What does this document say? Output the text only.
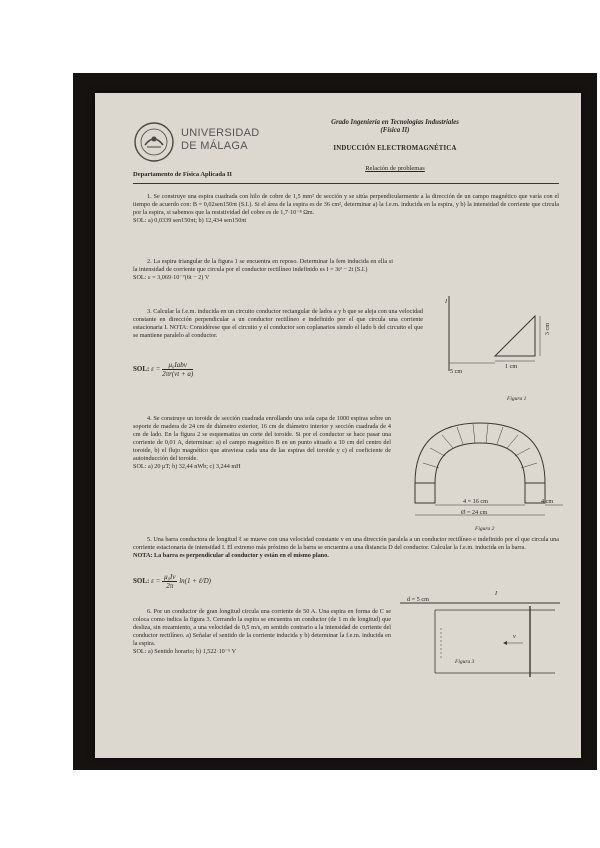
UNIVERSIDAD
DE MÁLAGA
Departamento de Física Aplicada II
Grado Ingeniería en Tecnologías Industriales
(Física II)
INDUCCIÓN ELECTROMAGNÉTICA
Relación de problemas
1. Se construye una espira cuadrada con hilo de cobre de 1,5 mm² de sección y se sitúa perpendicularmente a la dirección de un campo magnético que varía con el tiempo de acuerdo con: B = 0,02sen150πt (S.I.). Si el área de la espira es de 36 cm², determinar a) la f.e.m. inducida en la espira, y b) la intensidad de corriente que circula por la espira, si sabemos que la resistividad del cobre es de 1,7·10⁻⁸ Ωm.
SOL: a) 0,0339 sen150πt; b) 12,434 sen150πt
2. La espira triangular de la figura 1 se encuentra en reposo. Determinar la fem inducida en ella si la intensidad de corriente que circula por el conductor rectilíneo indefinido es I = 3t³ − 2t (S.I.)
SOL: ε = 3,069·10⁻⁷(6t − 2) V
3. Calcular la f.e.m. inducida en un circuito conductor rectangular de lados a y b que se aleja con una velocidad constante en dirección perpendicular a un conductor rectilíneo e indefinido por el que circula una corriente estacionaria I. NOTA: Considérese que el circuito y el conductor son coplanarios siendo el lado b del circuito el que se mantiene paralelo al conductor.
SOL: $\varepsilon = \frac{\text{μ₀Iabv}}{2\pi r(vt + a)}$
I
5 cm
3 cm
1 cm
Figura 1
4. Se construye un toroide de sección cuadrada enrollando una sola capa de 1000 espiras sobre un soporte de madera de 24 cm de diámetro exterior, 16 cm de diámetro interior y sección cuadrada de 4 cm de lado. En la figura 2 se esquematiza un corte del toroide. Si por el conductor se hace pasar una corriente de 0,01 A, determinar: a) el campo magnético B en un punto situado a 10 cm del centro del toroide, b) el flujo magnético que atraviesa cada una de las espiras del toroide y c) el coeficiente de autoinducción del toroide.
SOL: a) 20 μT; b) 32,44 nWb; c) 3,244 mH
4 = 16 cm
Ø = 24 cm
4 cm
Figura 2
5. Una barra conductora de longitud ℓ se mueve con una velocidad constante v en una dirección paralela a un conductor rectilíneo e indefinido por el que circula una corriente estacionaria de intensidad I. El extremo más próximo de la barra se encuentra a una distancia D del conductor. Calcular la f.e.m. inducida en la barra.
NOTA: La barra es perpendicular al conductor y están en el mismo plano.
SOL: $\varepsilon = \frac{\text{μ₀Iv}}{2\pi} \ln(1$ + ℓ/D)
6. Por un conductor de gran longitud circula una corriente de 50 A. Una espira en forma de C se coloca como indica la figura 3. Cerrando la espira se encuentra un conductor (de 1 m de longitud) que desliza, sin rozamiento, a una velocidad de 0,5 m/s, en sentido contrario a la intensidad de corriente del conductor rectilíneo. a) Señalar el sentido de la corriente inducida y b) determinar la f.e.m. inducida en la espira.
SOL: a) Sentido horario; b) 1,522·10⁻⁵ V
d = 5 cm
I
v
Figura 3
